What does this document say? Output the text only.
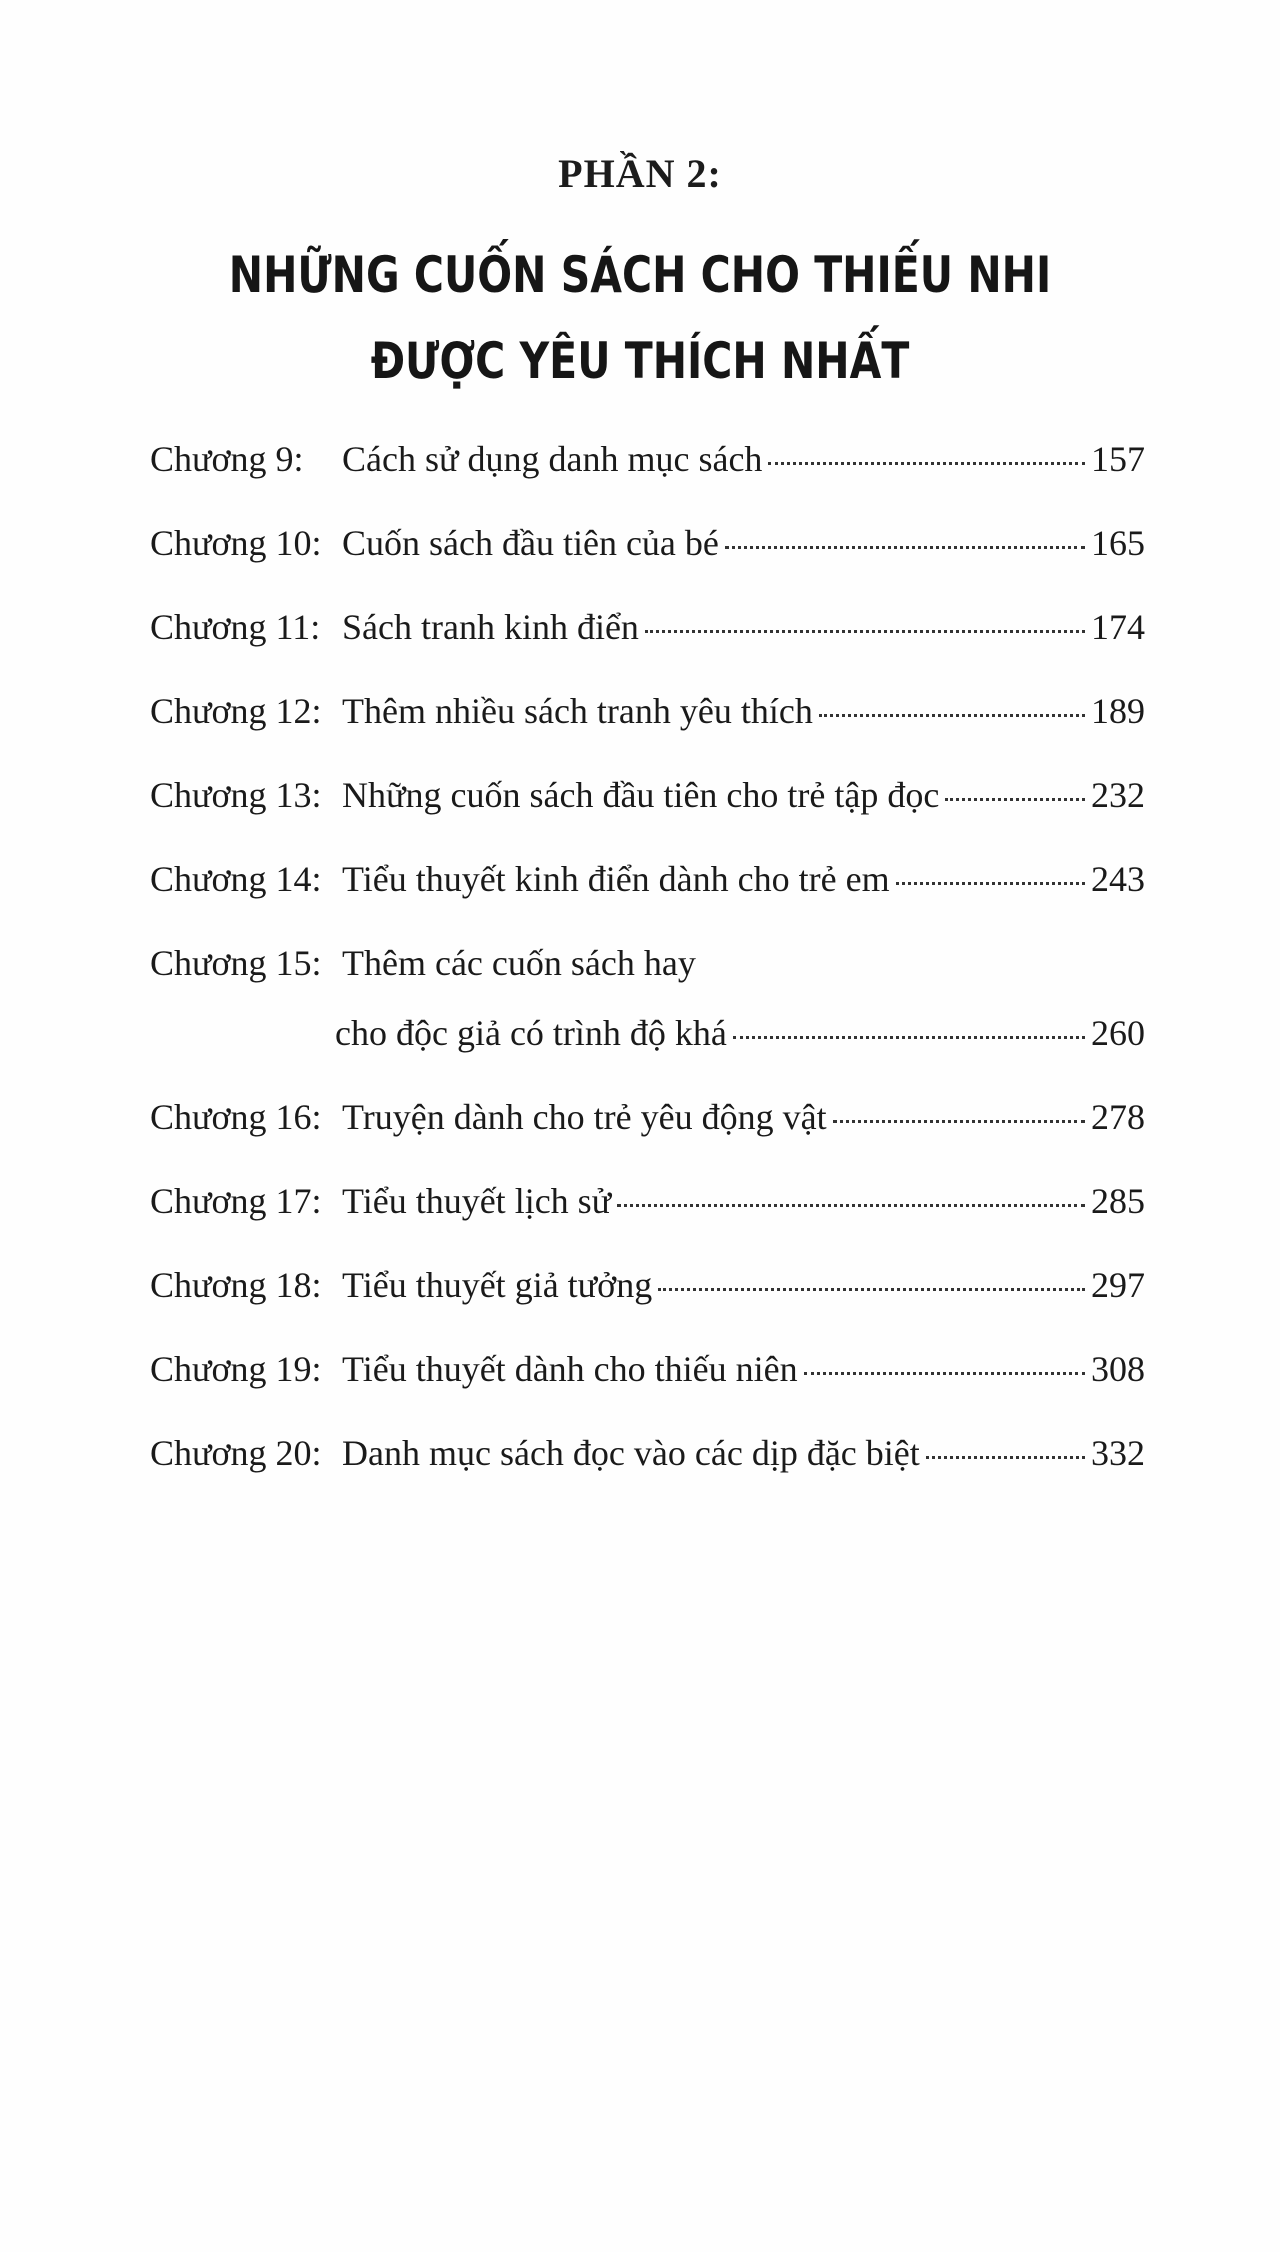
PHẦN 2:
NHỮNG CUỐN SÁCH CHO THIẾU NHI
ĐƯỢC YÊU THÍCH NHẤT
Chương 9:	Cách sử dụng danh mục sách	157
Chương 10: Cuốn sách đầu tiên của bé	165
Chương 11: Sách tranh kinh điển	174
Chương 12: Thêm nhiều sách tranh yêu thích	189
Chương 13: Những cuốn sách đầu tiên cho trẻ tập đọc	232
Chương 14: Tiểu thuyết kinh điển dành cho trẻ em	243
Chương 15: Thêm các cuốn sách hay
cho độc giả có trình độ khá	260
Chương 16: Truyện dành cho trẻ yêu động vật	278
Chương 17: Tiểu thuyết lịch sử	285
Chương 18: Tiểu thuyết giả tưởng	297
Chương 19: Tiểu thuyết dành cho thiếu niên	308
Chương 20: Danh mục sách đọc vào các dịp đặc biệt	332
